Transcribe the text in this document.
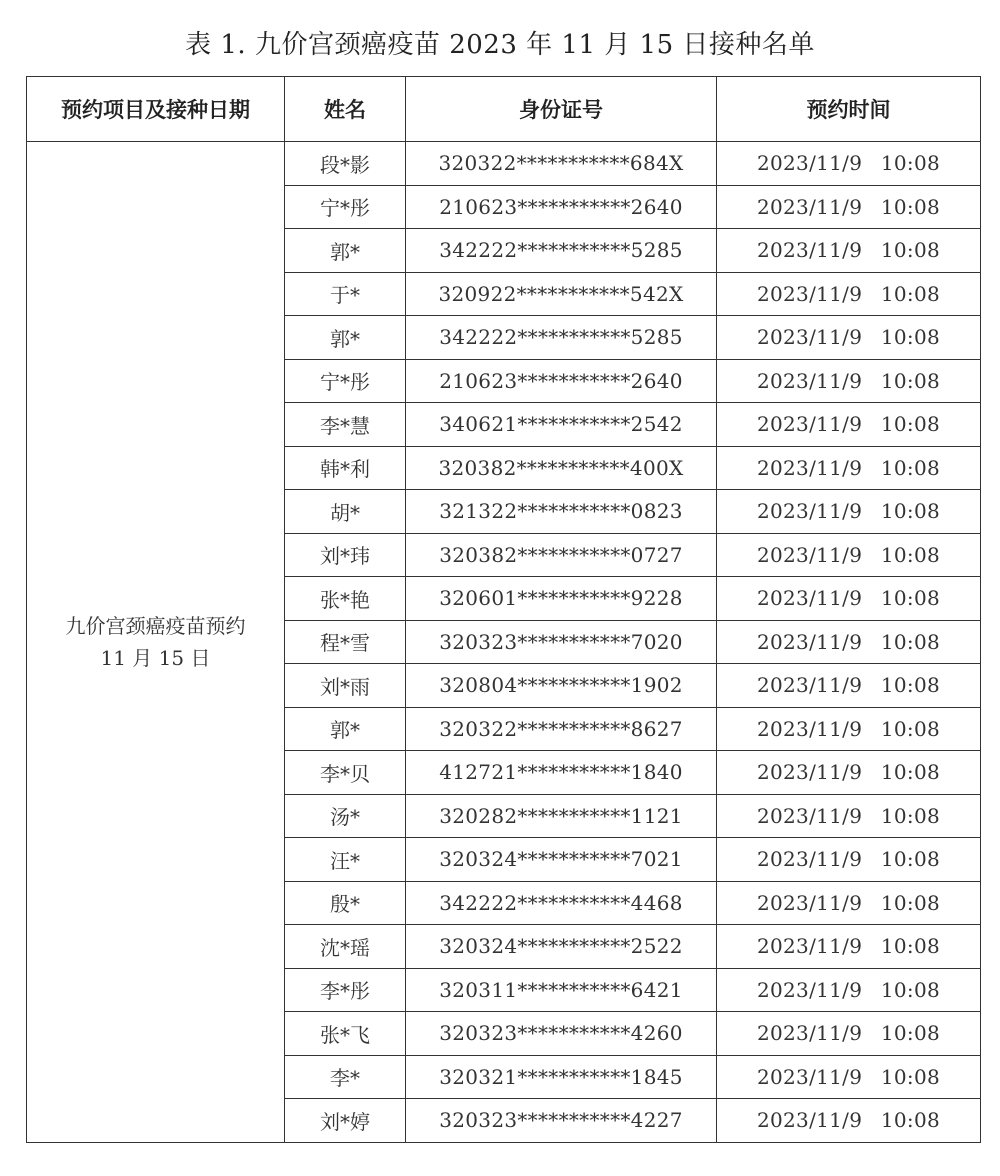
表 1. 九价宫颈癌疫苗 2023 年 11 月 15 日接种名单
预约项目及接种日期	姓名	身份证号	预约时间

九价宫颈癌疫苗预约
11 月 15 日	段*影	320322***********684X	2023/11/9 10:08
	宁*彤	210623***********2640	2023/11/9 10:08
	郭*	342222***********5285	2023/11/9 10:08
	于*	320922***********542X	2023/11/9 10:08
	郭*	342222***********5285	2023/11/9 10:08
	宁*彤	210623***********2640	2023/11/9 10:08
	李*慧	340621***********2542	2023/11/9 10:08
	韩*利	320382***********400X	2023/11/9 10:08
	胡*	321322***********0823	2023/11/9 10:08
	刘*玮	320382***********0727	2023/11/9 10:08
	张*艳	320601***********9228	2023/11/9 10:08
	程*雪	320323***********7020	2023/11/9 10:08
	刘*雨	320804***********1902	2023/11/9 10:08
	郭*	320322***********8627	2023/11/9 10:08
	李*贝	412721***********1840	2023/11/9 10:08
	汤*	320282***********1121	2023/11/9 10:08
	汪*	320324***********7021	2023/11/9 10:08
	殷*	342222***********4468	2023/11/9 10:08
	沈*瑶	320324***********2522	2023/11/9 10:08
	李*彤	320311***********6421	2023/11/9 10:08
	张*飞	320323***********4260	2023/11/9 10:08
	李*	320321***********1845	2023/11/9 10:08
	刘*婷	320323***********4227	2023/11/9 10:08
